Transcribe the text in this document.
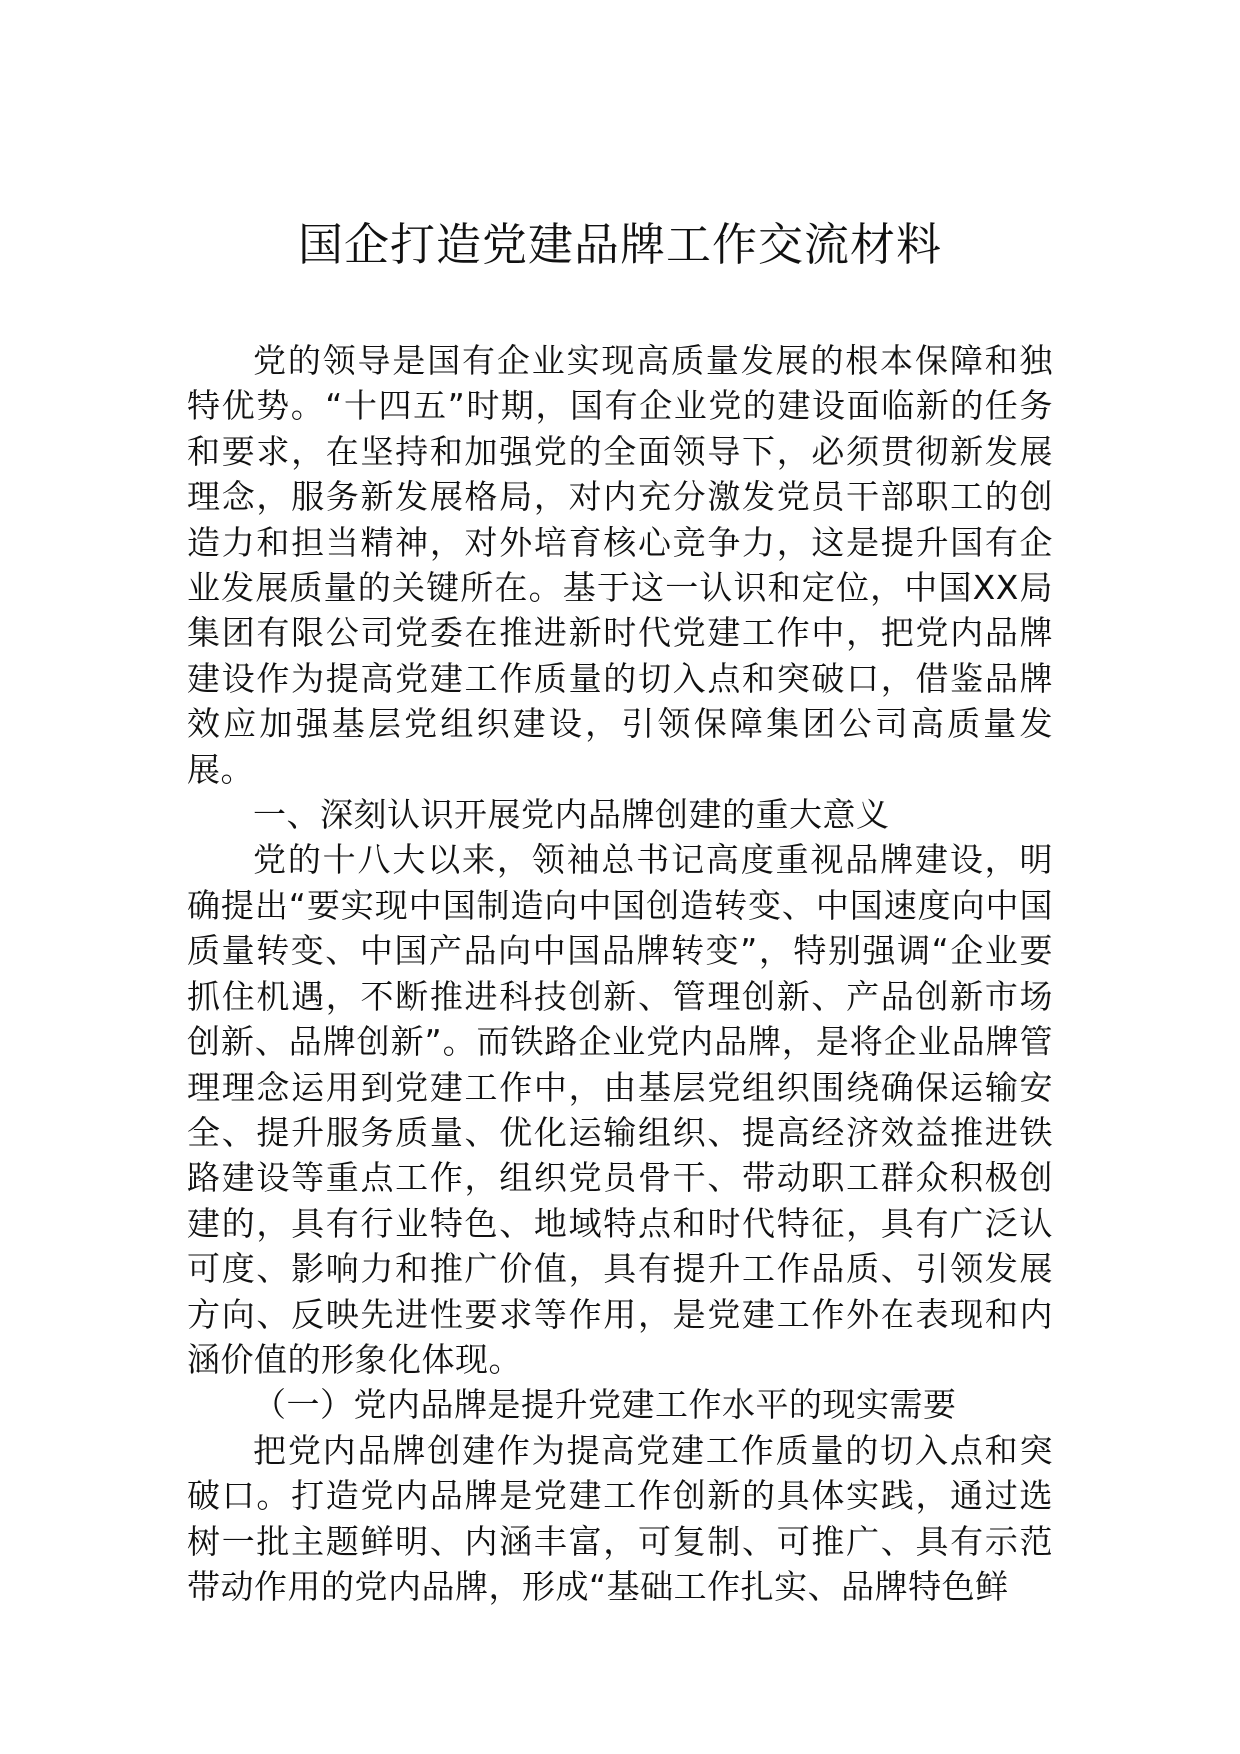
国企打造党建品牌工作交流材料

党的领导是国有企业实现高质量发展的根本保障和独特优势。“十四五”时期，国有企业党的建设面临新的任务和要求，在坚持和加强党的全面领导下，必须贯彻新发展理念，服务新发展格局，对内充分激发党员干部职工的创造力和担当精神，对外培育核心竞争力，这是提升国有企业发展质量的关键所在。基于这一认识和定位，中国XX局集团有限公司党委在推进新时代党建工作中，把党内品牌建设作为提高党建工作质量的切入点和突破口，借鉴品牌效应加强基层党组织建设，引领保障集团公司高质量发展。

一、深刻认识开展党内品牌创建的重大意义

党的十八大以来，领袖总书记高度重视品牌建设，明确提出“要实现中国制造向中国创造转变、中国速度向中国质量转变、中国产品向中国品牌转变”，特别强调“企业要抓住机遇，不断推进科技创新、管理创新、产品创新市场创新、品牌创新”。而铁路企业党内品牌，是将企业品牌管理理念运用到党建工作中，由基层党组织围绕确保运输安全、提升服务质量、优化运输组织、提高经济效益推进铁路建设等重点工作，组织党员骨干、带动职工群众积极创建的，具有行业特色、地域特点和时代特征，具有广泛认可度、影响力和推广价值，具有提升工作品质、引领发展方向、反映先进性要求等作用，是党建工作外在表现和内涵价值的形象化体现。

（一）党内品牌是提升党建工作水平的现实需要

把党内品牌创建作为提高党建工作质量的切入点和突破口。打造党内品牌是党建工作创新的具体实践，通过选树一批主题鲜明、内涵丰富，可复制、可推广、具有示范带动作用的党内品牌，形成“基础工作扎实、品牌特色鲜
